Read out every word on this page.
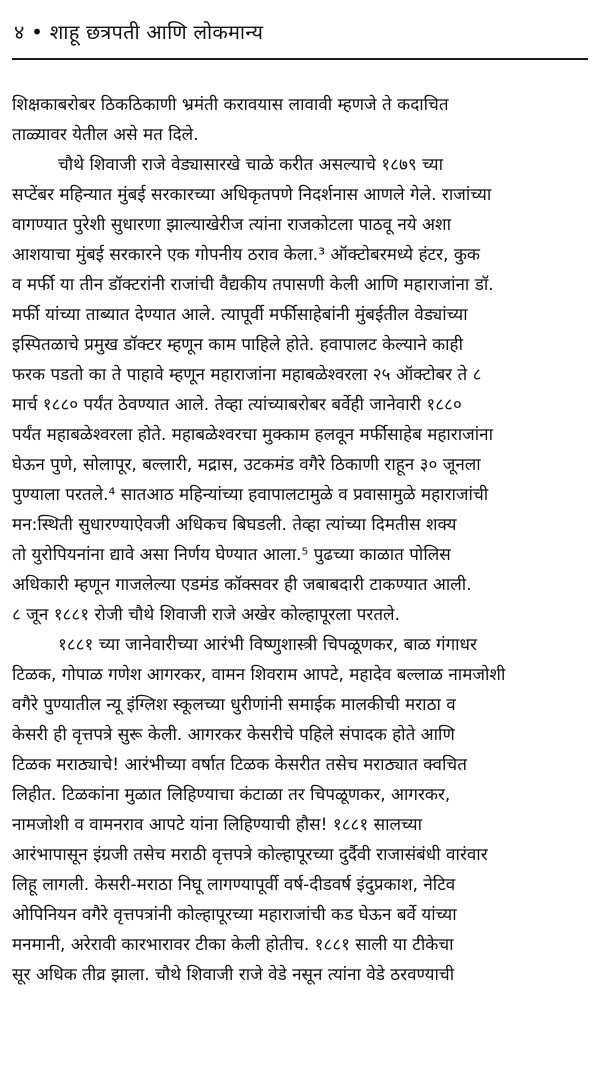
४ • शाहू छत्रपती आणि लोकमान्य
शिक्षकाबरोबर ठिकठिकाणी भ्रमंती करावयास लावावी म्हणजे ते कदाचित
ताळ्यावर येतील असे मत दिले.
चौथे शिवाजी राजे वेड्यासारखे चाळे करीत असल्याचे १८७९ च्या
सप्टेंबर महिन्यात मुंबई सरकारच्या अधिकृतपणे निदर्शनास आणले गेले. राजांच्या
वागण्यात पुरेशी सुधारणा झाल्याखेरीज त्यांना राजकोटला पाठवू नये अशा
आशयाचा मुंबई सरकारने एक गोपनीय ठराव केला.³ ऑक्टोबरमध्ये हंटर, कुक
व मर्फी या तीन डॉक्टरांनी राजांची वैद्यकीय तपासणी केली आणि महाराजांना डॉ.
मर्फी यांच्या ताब्यात देण्यात आले. त्यापूर्वी मर्फीसाहेबांनी मुंबईतील वेड्यांच्या
इस्पितळाचे प्रमुख डॉक्टर म्हणून काम पाहिले होते. हवापालट केल्याने काही
फरक पडतो का ते पाहावे म्हणून महाराजांना महाबळेश्वरला २५ ऑक्टोबर ते ८
मार्च १८८० पर्यंत ठेवण्यात आले. तेव्हा त्यांच्याबरोबर बर्वेही जानेवारी १८८०
पर्यंत महाबळेश्वरला होते. महाबळेश्वरचा मुक्काम हलवून मर्फीसाहेब महाराजांना
घेऊन पुणे, सोलापूर, बल्लारी, मद्रास, उटकमंड वगैरे ठिकाणी राहून ३० जूनला
पुण्याला परतले.⁴ सातआठ महिन्यांच्या हवापालटामुळे व प्रवासामुळे महाराजांची
मन:स्थिती सुधारण्याऐवजी अधिकच बिघडली. तेव्हा त्यांच्या दिमतीस शक्य
तो युरोपियनांना द्यावे असा निर्णय घेण्यात आला.⁵ पुढच्या काळात पोलिस
अधिकारी म्हणून गाजलेल्या एडमंड कॉक्सवर ही जबाबदारी टाकण्यात आली.
८ जून १८८१ रोजी चौथे शिवाजी राजे अखेर कोल्हापूरला परतले.
१८८१ च्या जानेवारीच्या आरंभी विष्णुशास्त्री चिपळूणकर, बाळ गंगाधर
टिळक, गोपाळ गणेश आगरकर, वामन शिवराम आपटे, महादेव बल्लाळ नामजोशी
वगैरे पुण्यातील न्यू इंग्लिश स्कूलच्या धुरीणांनी समाईक मालकीची मराठा व
केसरी ही वृत्तपत्रे सुरू केली. आगरकर केसरीचे पहिले संपादक होते आणि
टिळक मराठ्याचे! आरंभीच्या वर्षात टिळक केसरीत तसेच मराठ्यात क्वचित
लिहीत. टिळकांना मुळात लिहिण्याचा कंटाळा तर चिपळूणकर, आगरकर,
नामजोशी व वामनराव आपटे यांना लिहिण्याची हौस! १८८१ सालच्या
आरंभापासून इंग्रजी तसेच मराठी वृत्तपत्रे कोल्हापूरच्या दुर्दैवी राजासंबंधी वारंवार
लिहू लागली. केसरी-मराठा निघू लागण्यापूर्वी वर्ष-दीडवर्ष इंदुप्रकाश, नेटिव
ओपिनियन वगैरे वृत्तपत्रांनी कोल्हापूरच्या महाराजांची कड घेऊन बर्वे यांच्या
मनमानी, अरेरावी कारभारावर टीका केली होतीच. १८८१ साली या टीकेचा
सूर अधिक तीव्र झाला. चौथे शिवाजी राजे वेडे नसून त्यांना वेडे ठरवण्याची
